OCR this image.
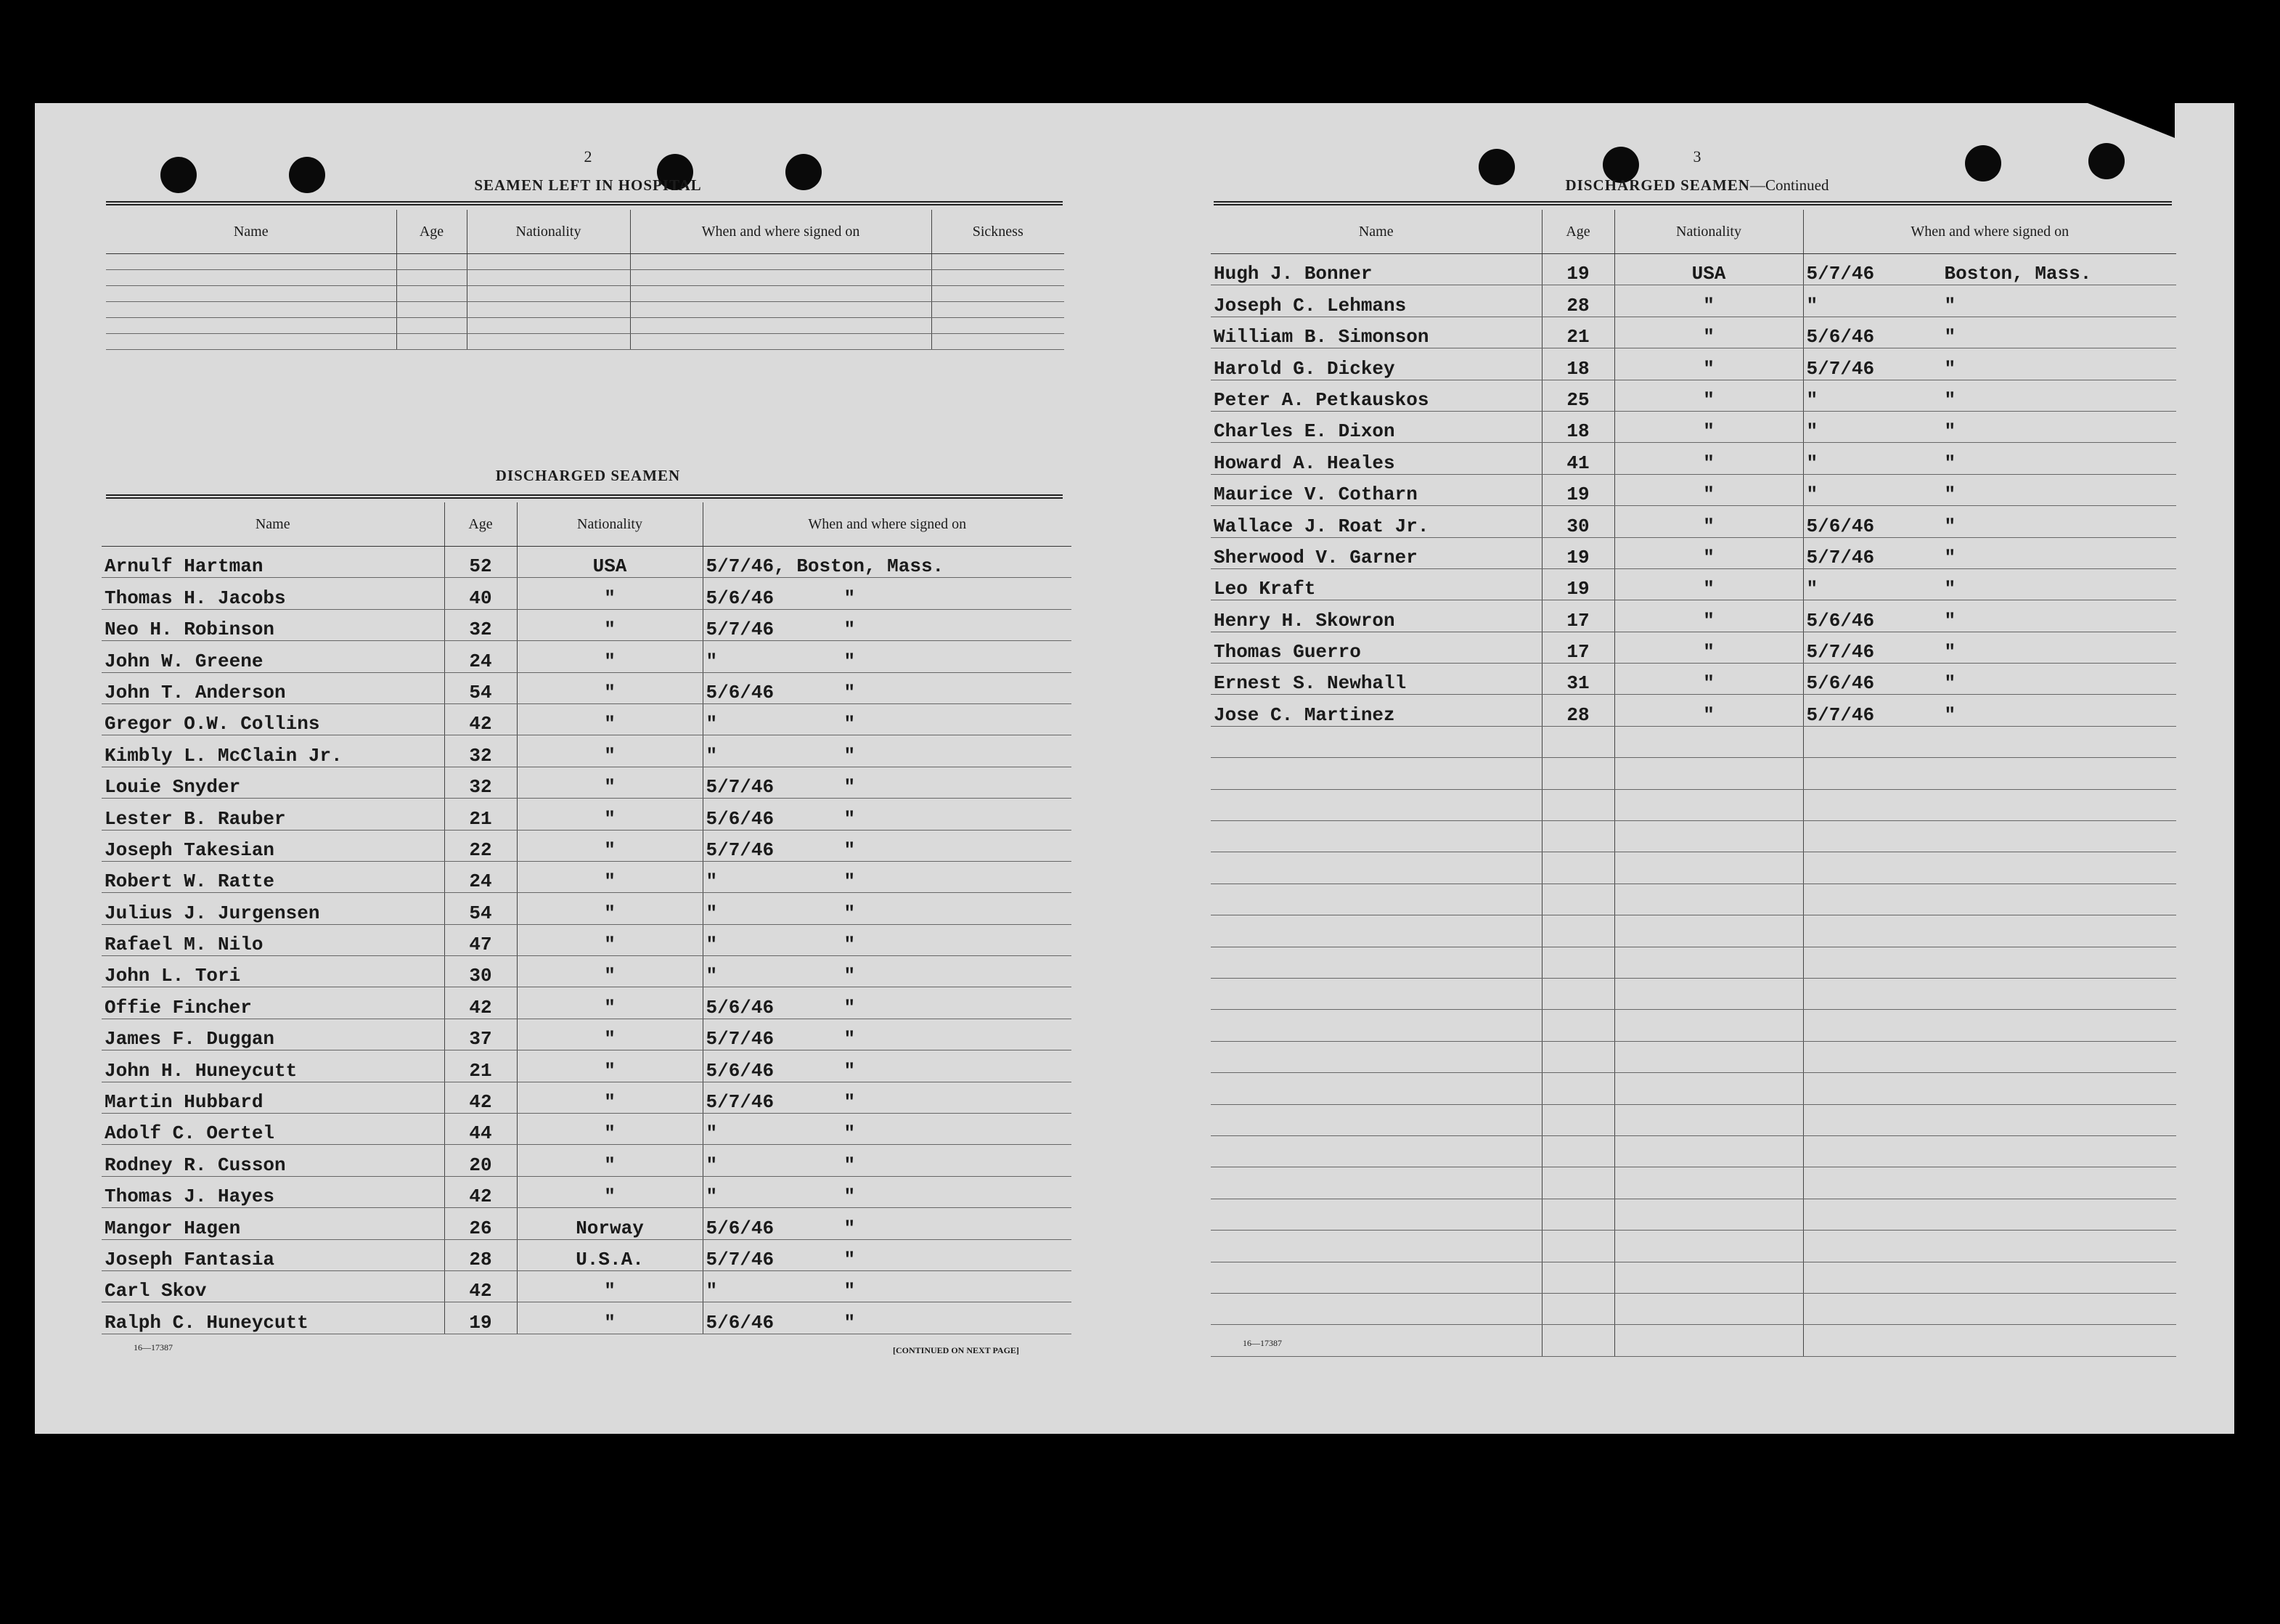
2
SEAMEN LEFT IN HOSPITAL
Name	Age	Nationality	When and where signed on	Sickness

DISCHARGED SEAMEN
Name	Age	Nationality	When and where signed on
Arnulf Hartman	52	USA	5/7/46, Boston, Mass.
Thomas H. Jacobs	40	"	5/6/46 "
Neo H. Robinson	32	"	5/7/46 "
John W. Greene	24	"	" "
John T. Anderson	54	"	5/6/46 "
Gregor O.W. Collins	42	"	" "
Kimbly L. McClain Jr.	32	"	" "
Louie Snyder	32	"	5/7/46 "
Lester B. Rauber	21	"	5/6/46 "
Joseph Takesian	22	"	5/7/46 "
Robert W. Ratte	24	"	" "
Julius J. Jurgensen	54	"	" "
Rafael M. Nilo	47	"	" "
John L. Tori	30	"	" "
Offie Fincher	42	"	5/6/46 "
James F. Duggan	37	"	5/7/46 "
John H. Huneycutt	21	"	5/6/46 "
Martin Hubbard	42	"	5/7/46 "
Adolf C. Oertel	44	"	" "
Rodney R. Cusson	20	"	" "
Thomas J. Hayes	42	"	" "
Mangor Hagen	26	Norway	5/6/46 "
Joseph Fantasia	28	U.S.A.	5/7/46 "
Carl Skov	42	"	" "
Ralph C. Huneycutt	19	"	5/6/46 "
16—17387	[CONTINUED ON NEXT PAGE]
3
DISCHARGED SEAMEN—Continued
Name	Age	Nationality	When and where signed on
Hugh J. Bonner	19	USA	5/7/46 Boston, Mass.
Joseph C. Lehmans	28	"	" "
William B. Simonson	21	"	5/6/46 "
Harold G. Dickey	18	"	5/7/46 "
Peter A. Petkauskos	25	"	" "
Charles E. Dixon	18	"	" "
Howard A. Heales	41	"	" "
Maurice V. Cotharn	19	"	" "
Wallace J. Roat Jr.	30	"	5/6/46 "
Sherwood V. Garner	19	"	5/7/46 "
Leo Kraft	19	"	" "
Henry H. Skowron	17	"	5/6/46 "
Thomas Guerro	17	"	5/7/46 "
Ernest S. Newhall	31	"	5/6/46 "
Jose C. Martinez	28	"	5/7/46 "

16—17387
